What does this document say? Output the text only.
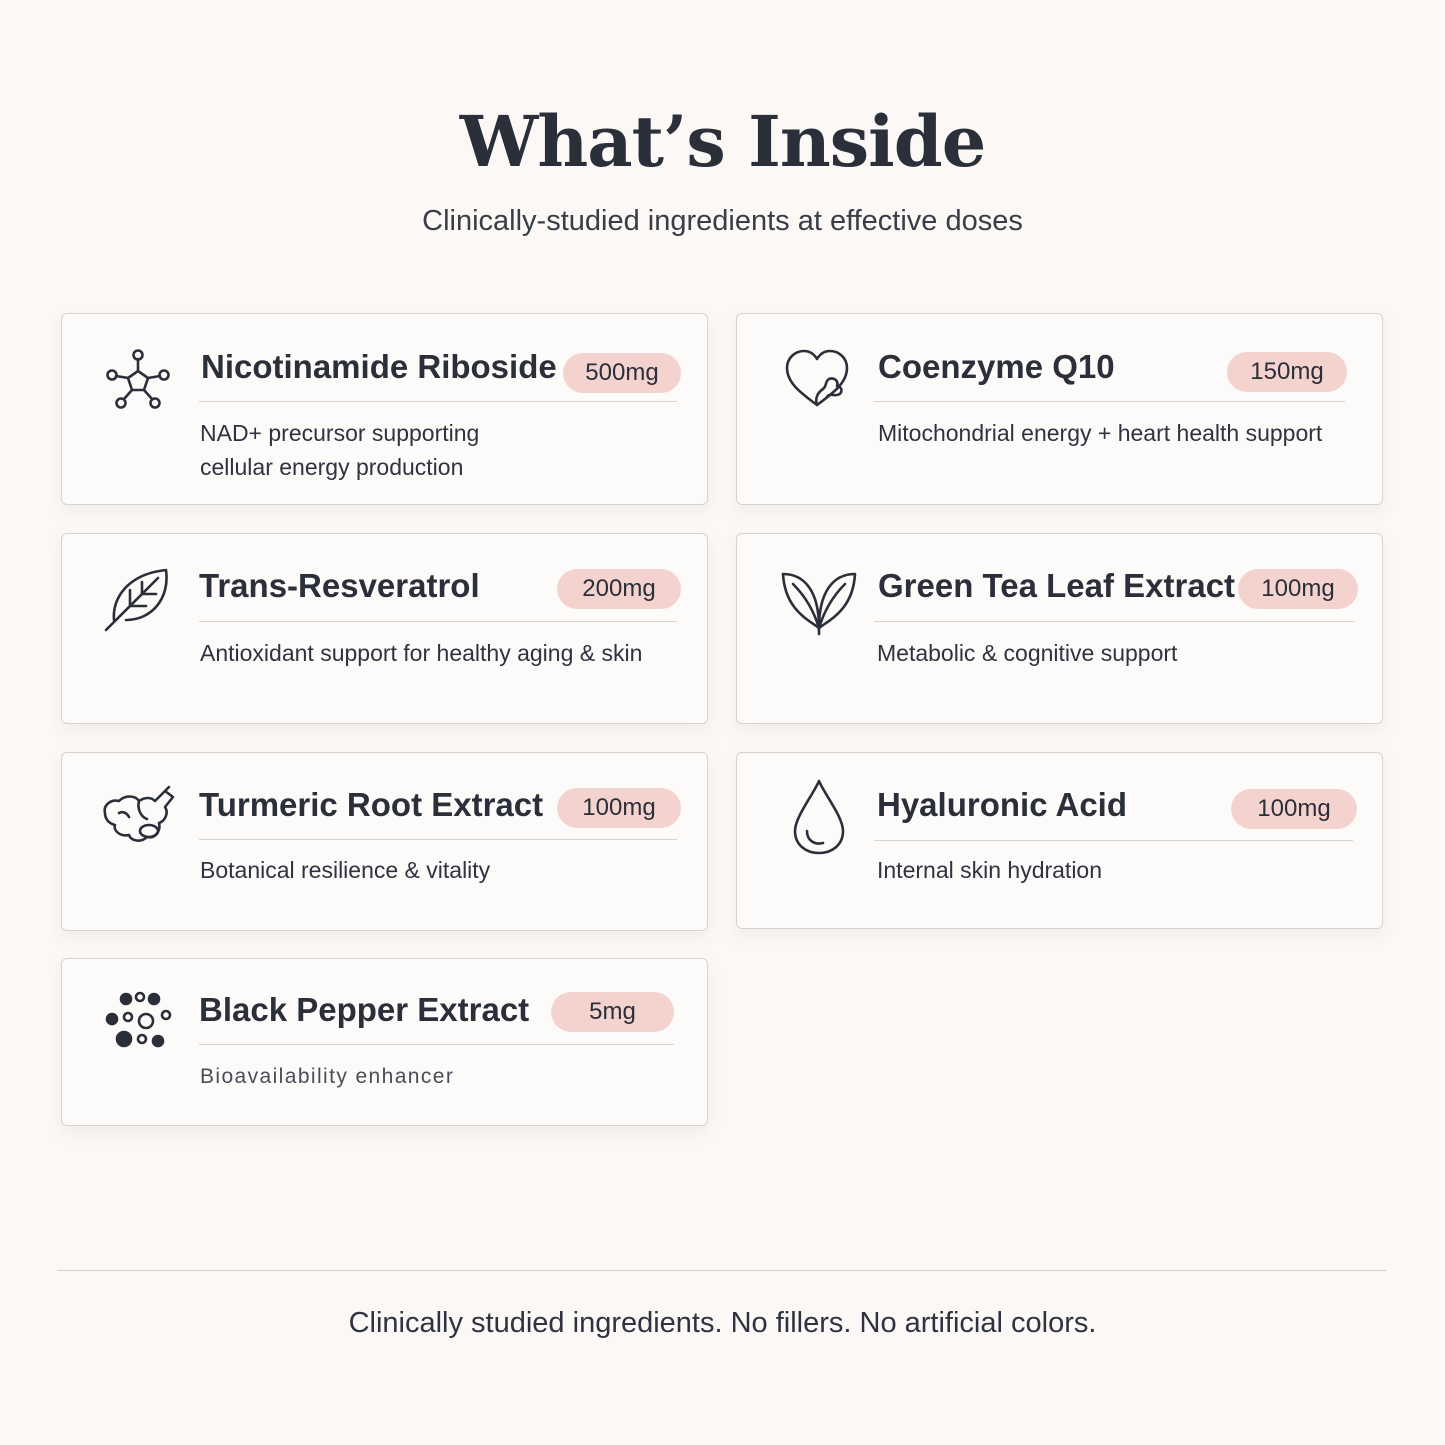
What’s Inside

Clinically-studied ingredients at effective doses

Nicotinamide Riboside	500mg
NAD+ precursor supporting
cellular energy production
Coenzyme Q10	150mg
Mitochondrial energy + heart health support
Trans-Resveratrol	200mg
Antioxidant support for healthy aging & skin
Green Tea Leaf Extract	100mg
Metabolic & cognitive support
Turmeric Root Extract	100mg
Botanical resilience & vitality
Hyaluronic Acid	100mg
Internal skin hydration
Black Pepper Extract	5mg
Bioavailability enhancer
Clinically studied ingredients. No fillers. No artificial colors.
